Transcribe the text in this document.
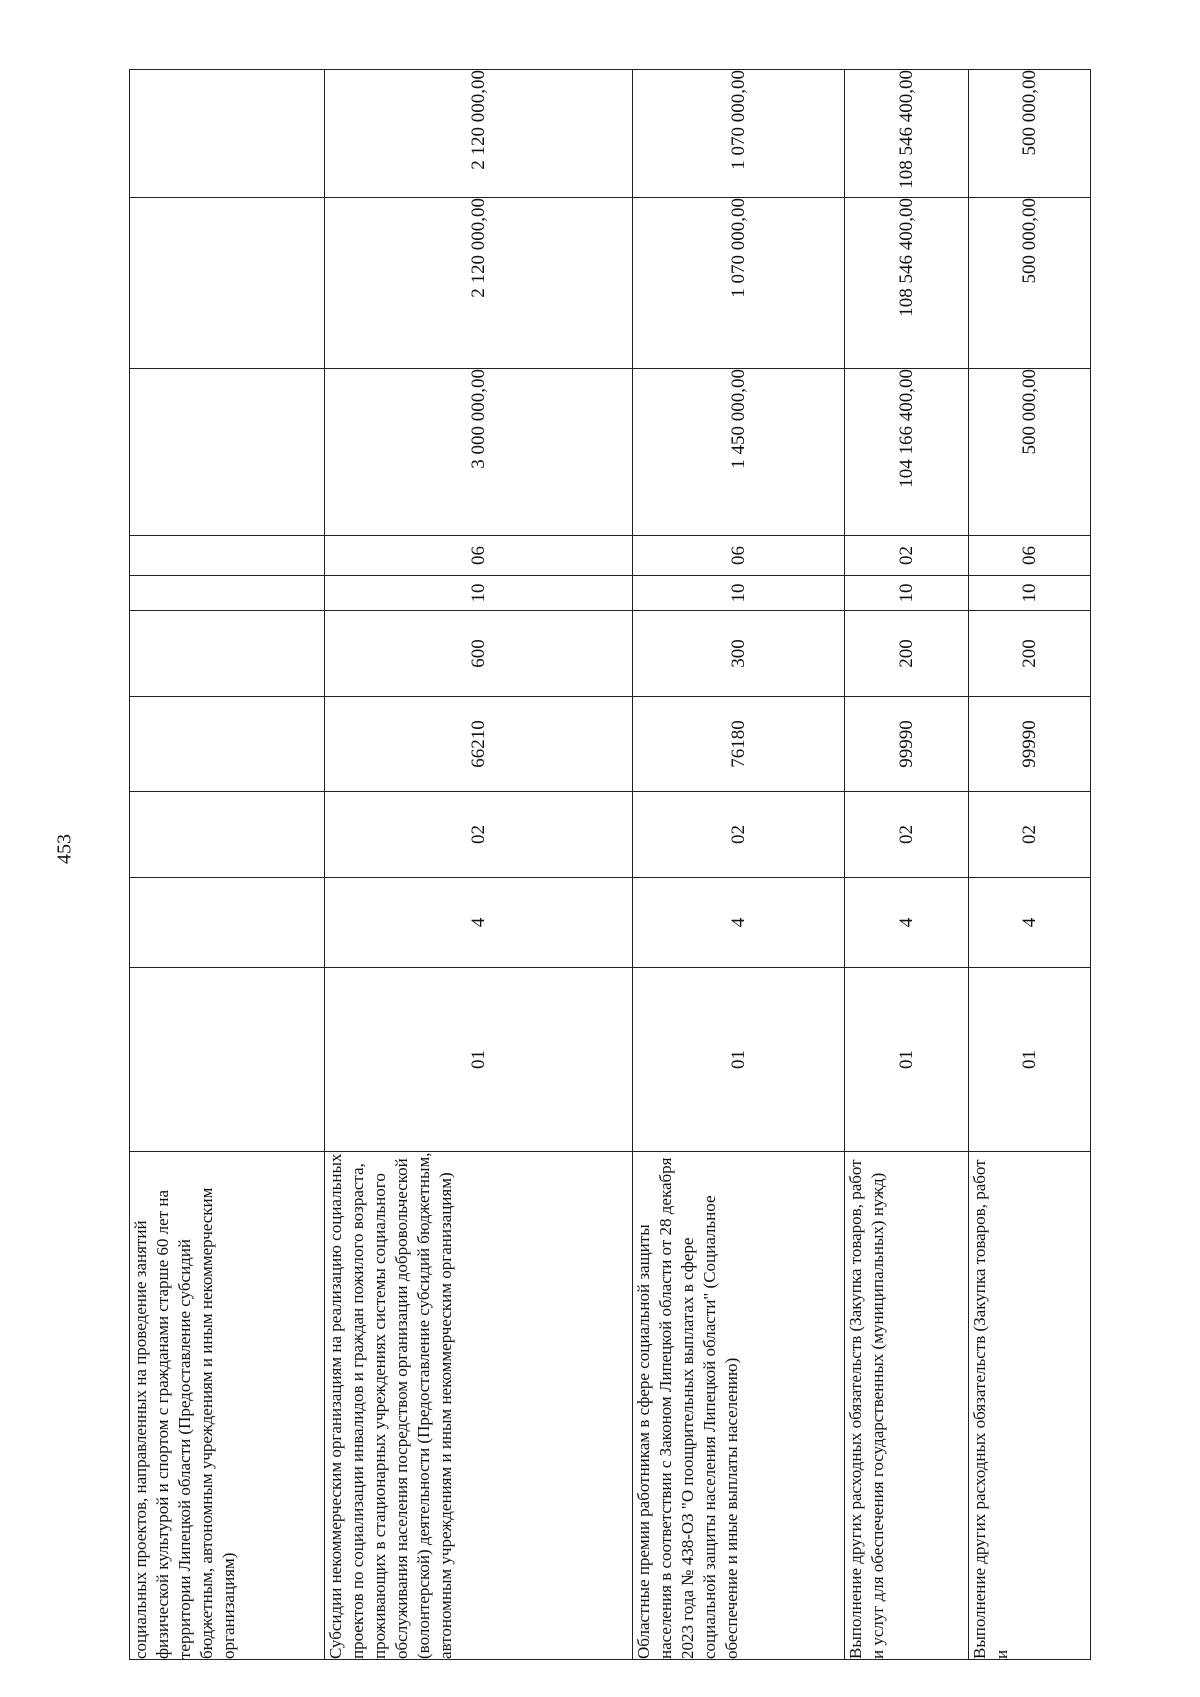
453
социальных проектов, направленных на проведение занятий физической культурой и спортом с гражданами старше 60 лет на территории Липецкой области (Предоставление субсидий бюджетным, автономным учреждениям и иным некоммерческим организациям)										
Субсидии некоммерческим организациям на реализацию социальных проектов по социализации инвалидов и граждан пожилого возраста, проживающих в стационарных учреждениях системы социального обслуживания населения посредством организации добровольческой (волонтерской) деятельности (Предоставление субсидий бюджетным, автономным учреждениям и иным некоммерческим организациям)	01	4	02	66210	600	10	06	3 000 000,00	2 120 000,00	2 120 000,00
Областные премии работникам в сфере социальной защиты населения в соответствии с Законом Липецкой области от 28 декабря 2023 года № 438-ОЗ "О поощрительных выплатах в сфере социальной защиты населения Липецкой области" (Социальное обеспечение и иные выплаты населению)	01	4	02	76180	300	10	06	1 450 000,00	1 070 000,00	1 070 000,00
Выполнение других расходных обязательств (Закупка товаров, работ и услуг для обеспечения государственных (муниципальных) нужд)	01	4	02	99990	200	10	02	104 166 400,00	108 546 400,00	108 546 400,00
Выполнение других расходных обязательств (Закупка товаров, работ и	01	4	02	99990	200	10	06	500 000,00	500 000,00	500 000,00
